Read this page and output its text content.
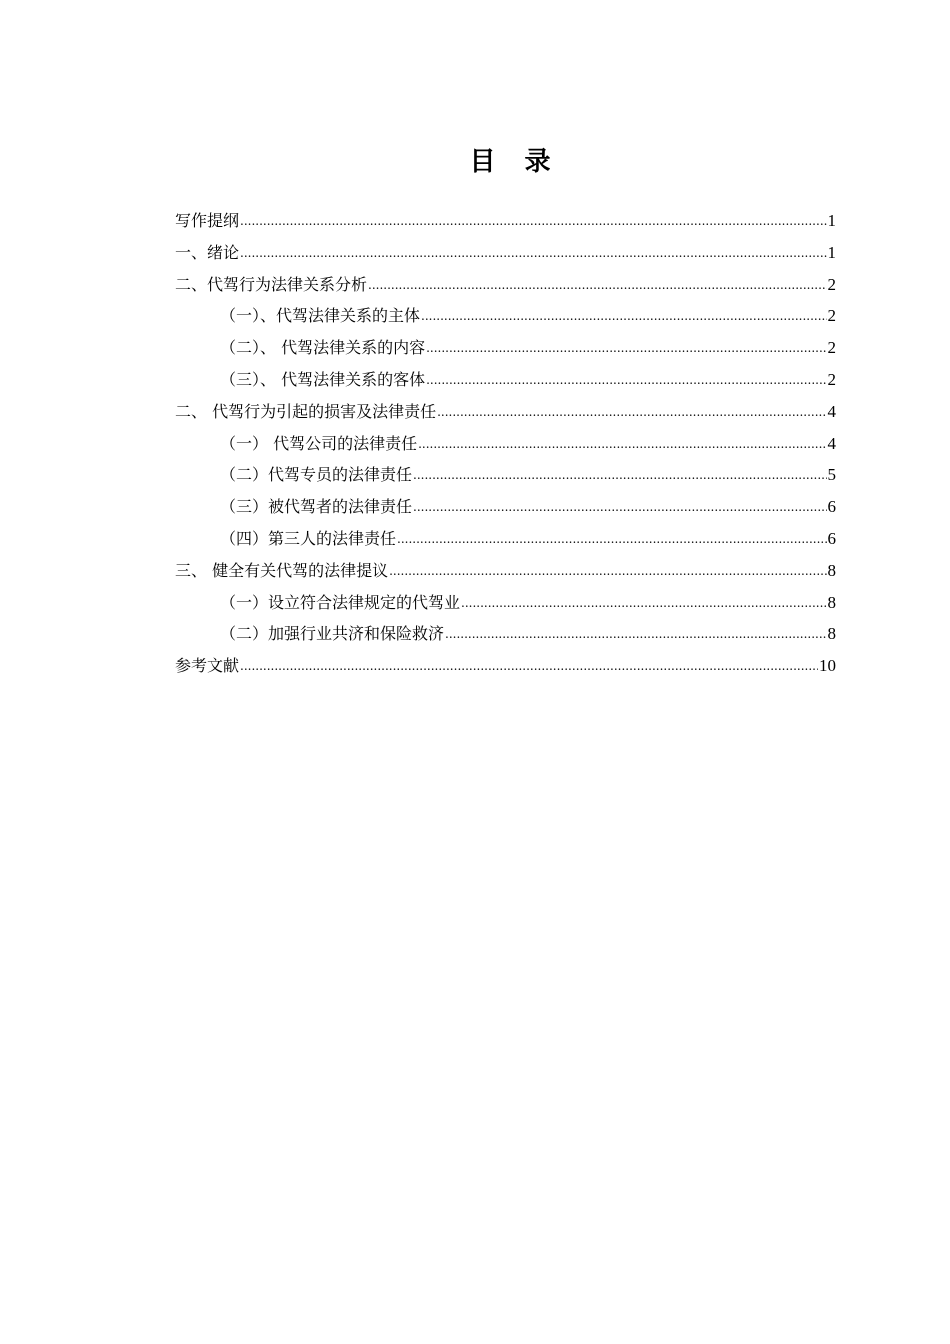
目 录
写作提纲 .....	1
一、绪论 .....	1
二、代驾行为法律关系分析 .....	2
（一）、代驾法律关系的主体 .....	2
（二）、 代驾法律关系的内容 .....	2
（三）、 代驾法律关系的客体 .....	2
二、 代驾行为引起的损害及法律责任 .....	4
（一） 代驾公司的法律责任 .....	4
（二）代驾专员的法律责任 .....	5
（三）被代驾者的法律责任 .....	6
（四）第三人的法律责任 .....	6
三、 健全有关代驾的法律提议 .....	8
（一）设立符合法律规定的代驾业 .....	8
（二）加强行业共济和保险救济 .....	8
参考文献 .....	10
